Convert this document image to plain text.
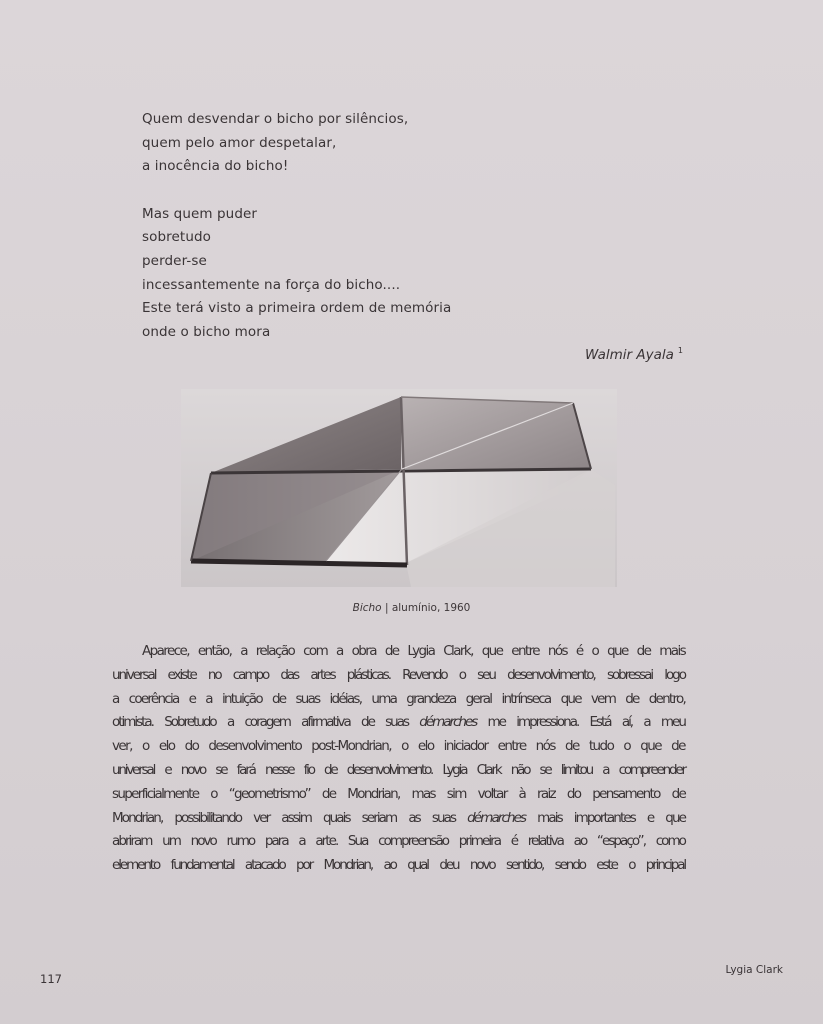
Quem desvendar o bicho por silêncios,
quem pelo amor despetalar,
a inocência do bicho!
Mas quem puder
sobretudo
perder-se
incessantemente na força do bicho....
Este terá visto a primeira ordem de memória
onde o bicho mora
Walmir Ayala $^1$
Bicho | alumínio, 1960
Aparece, então, a relação com a obra de Lygia Clark, que entre nós é o que de mais
universal existe no campo das artes plásticas. Revendo o seu desenvolvimento, sobressai logo
a coerência e a intuição de suas idéias, uma grandeza geral intrínseca que vem de dentro,
otimista. Sobretudo a coragem afirmativa de suas démarches me impressiona. Está aí, a meu
ver, o elo do desenvolvimento post-Mondrian, o elo iniciador entre nós de tudo o que de
universal e novo se fará nesse fio de desenvolvimento. Lygia Clark não se limitou a compreender
superficialmente o “geometrismo” de Mondrian, mas sim voltar à raiz do pensamento de
Mondrian, possibilitando ver assim quais seriam as suas démarches mais importantes e que
abriram um novo rumo para a arte. Sua compreensão primeira é relativa ao “espaço”, como
elemento fundamental atacado por Mondrian, ao qual deu novo sentido, sendo este o principal
117
Lygia Clark
